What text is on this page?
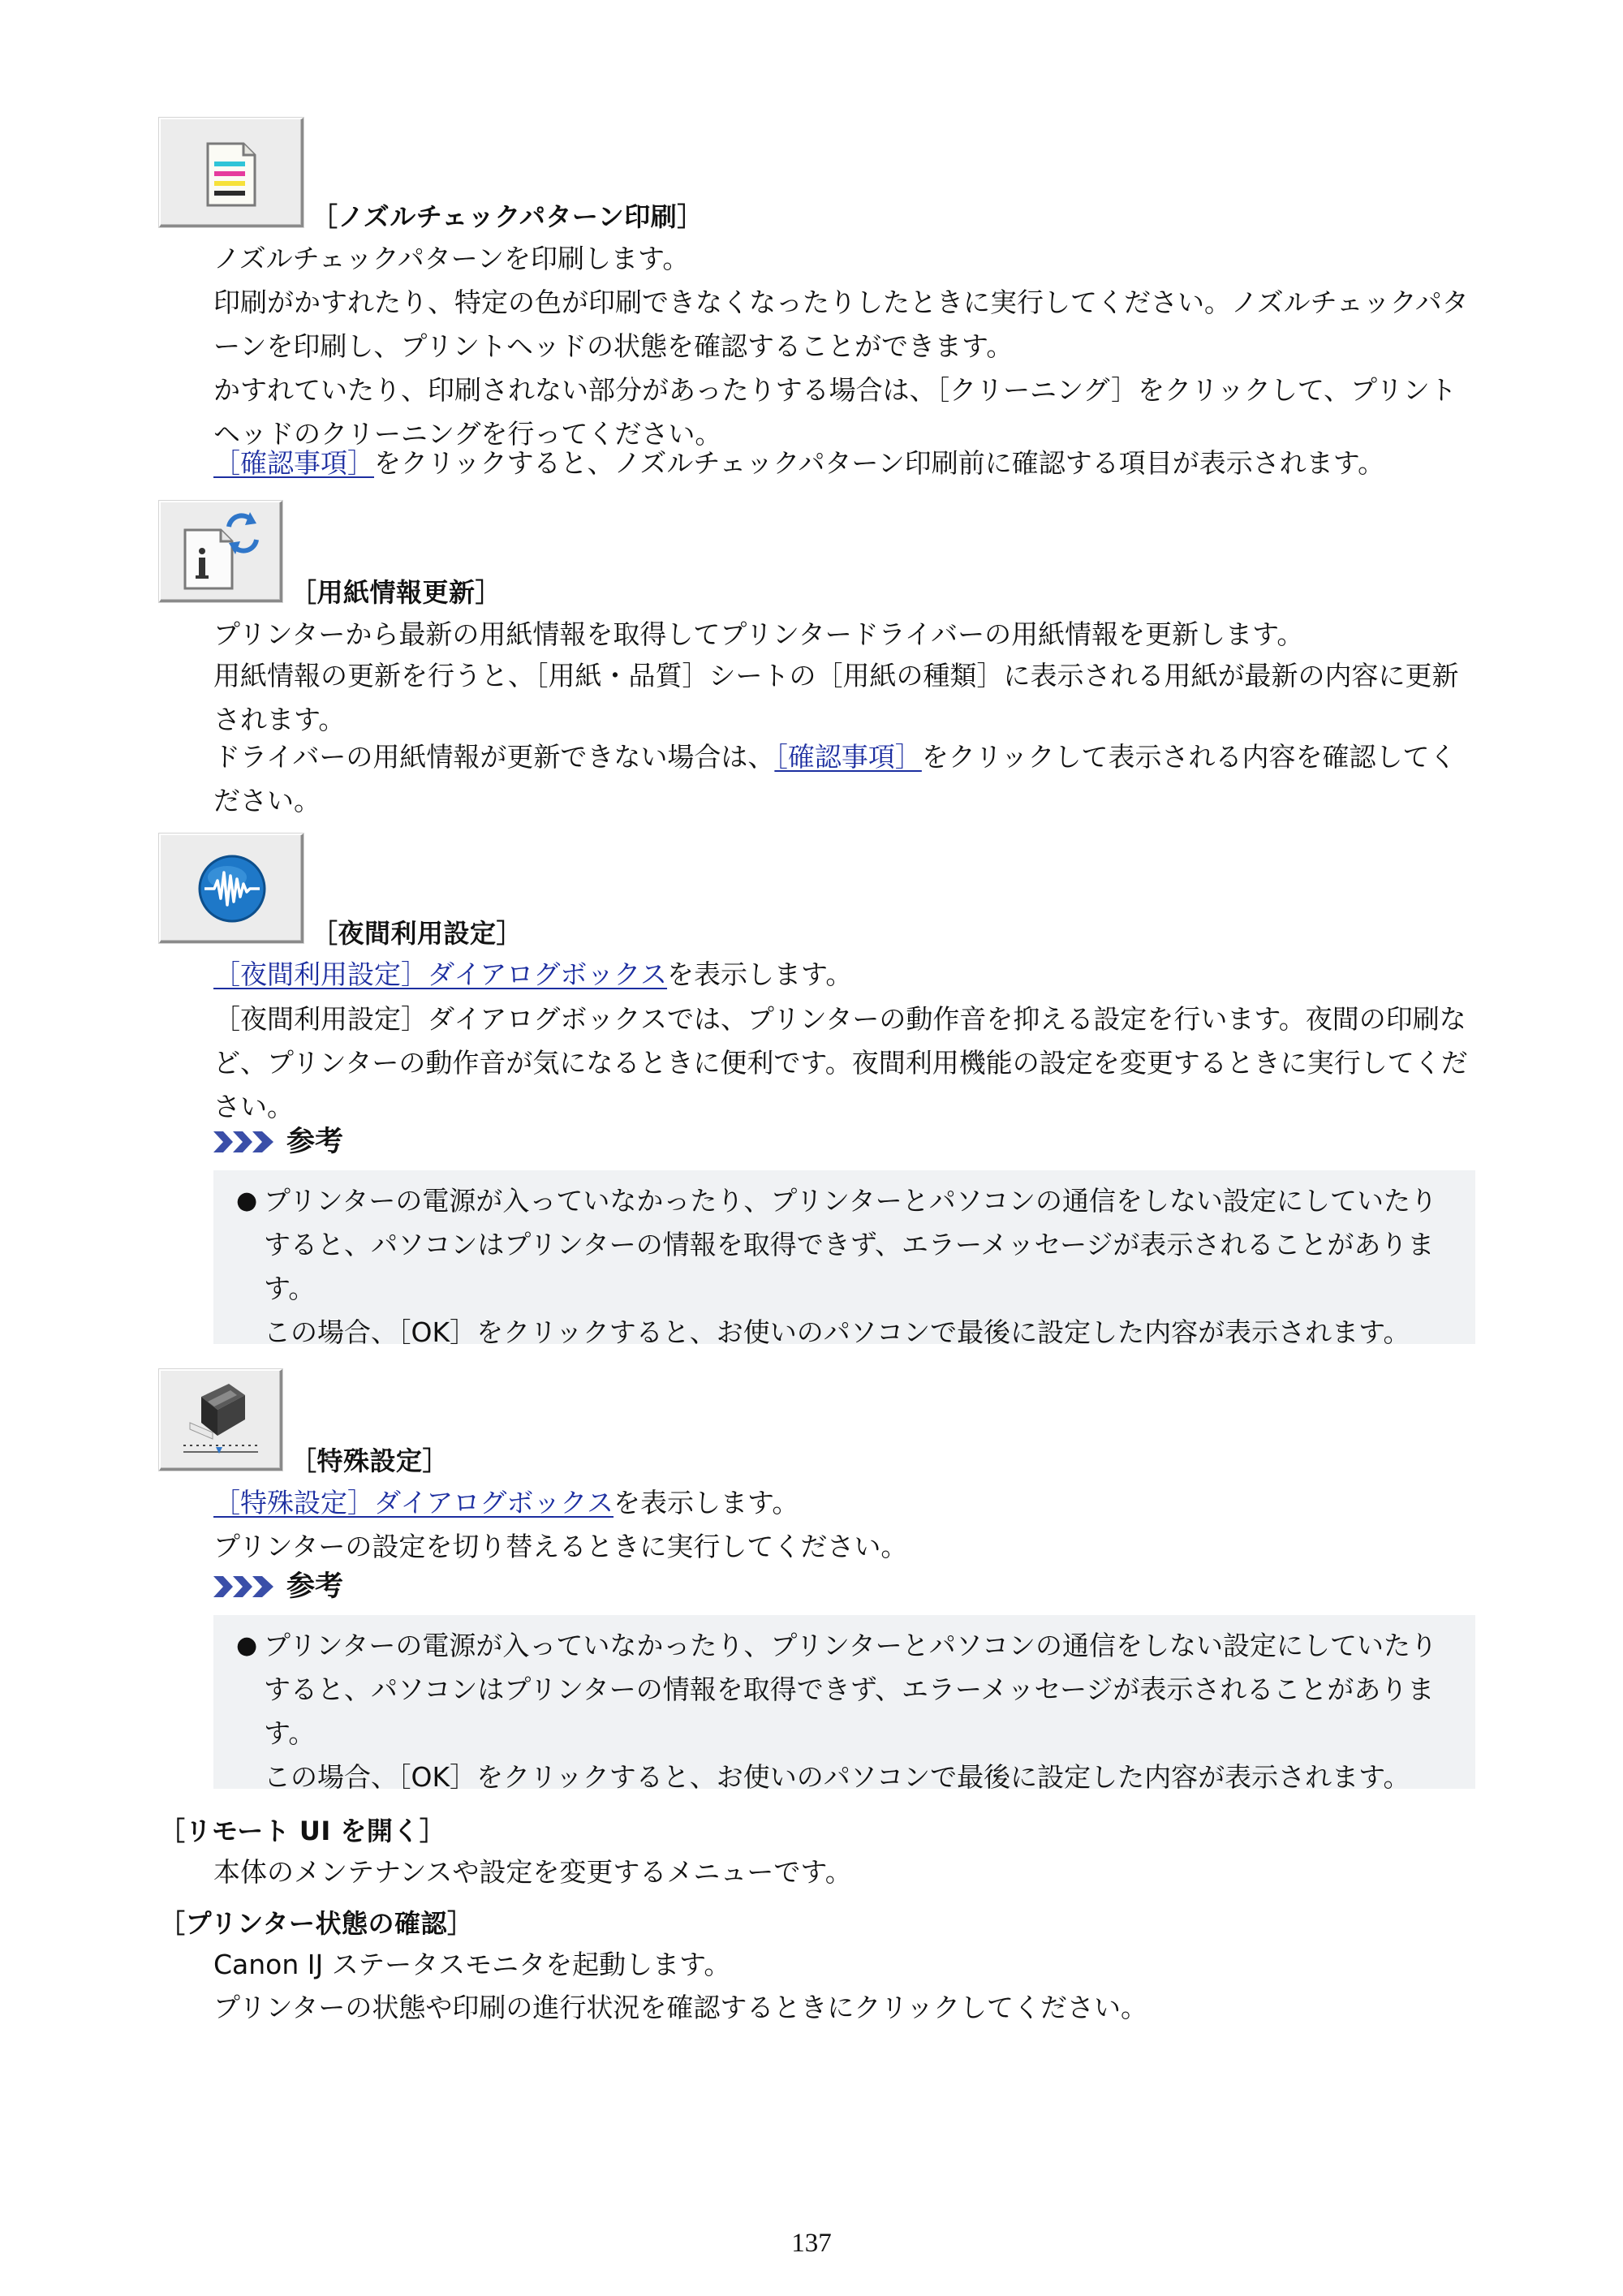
［ノズルチェックパターン印刷］

ノズルチェックパターンを印刷します。

印刷がかすれたり、特定の色が印刷できなくなったりしたときに実行してください。ノズルチェックパターンを印刷し、プリントヘッドの状態を確認することができます。

かすれていたり、印刷されない部分があったりする場合は、［クリーニング］をクリックして、プリントヘッドのクリーニングを行ってください。

［確認事項］をクリックすると、ノズルチェックパターン印刷前に確認する項目が表示されます。

［用紙情報更新］

プリンターから最新の用紙情報を取得してプリンタードライバーの用紙情報を更新します。

用紙情報の更新を行うと、［用紙・品質］シートの［用紙の種類］に表示される用紙が最新の内容に更新されます。

ドライバーの用紙情報が更新できない場合は、［確認事項］をクリックして表示される内容を確認してください。

［夜間利用設定］

［夜間利用設定］ダイアログボックスを表示します。

［夜間利用設定］ダイアログボックスでは、プリンターの動作音を抑える設定を行います。夜間の印刷など、プリンターの動作音が気になるときに便利です。夜間利用機能の設定を変更するときに実行してください。

参考
● プリンターの電源が入っていなかったり、プリンターとパソコンの通信をしない設定にしていたりすると、パソコンはプリンターの情報を取得できず、エラーメッセージが表示されることがあります。
この場合、［OK］をクリックすると、お使いのパソコンで最後に設定した内容が表示されます。
［特殊設定］

［特殊設定］ダイアログボックスを表示します。

プリンターの設定を切り替えるときに実行してください。

参考
● プリンターの電源が入っていなかったり、プリンターとパソコンの通信をしない設定にしていたりすると、パソコンはプリンターの情報を取得できず、エラーメッセージが表示されることがあります。
この場合、［OK］をクリックすると、お使いのパソコンで最後に設定した内容が表示されます。
［リモート UI を開く］

本体のメンテナンスや設定を変更するメニューです。

［プリンター状態の確認］

Canon IJ ステータスモニタを起動します。

プリンターの状態や印刷の進行状況を確認するときにクリックしてください。

137
